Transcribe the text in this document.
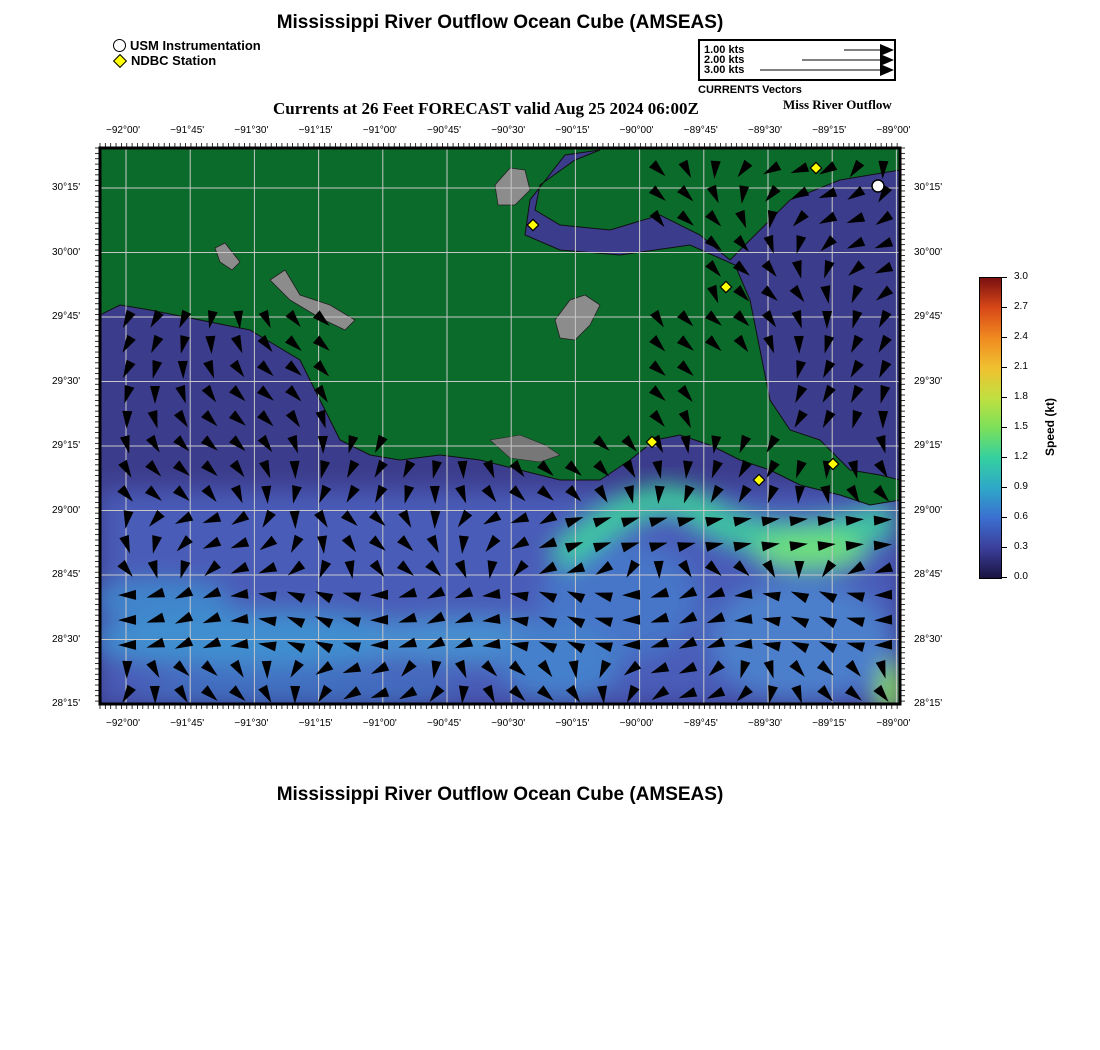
Mississippi River Outflow Ocean Cube (AMSEAS)
USM Instrumentation
NDBC Station
1.00 kts
2.00 kts
3.00 kts
CURRENTS Vectors
Currents at 26 Feet FORECAST valid Aug 25 2024 06:00Z	Miss River Outflow
−92°00'	−91°45'	−91°30'	−91°15'	−91°00'	−90°45'	−90°30'	−90°15'	−90°00'	−89°45'	−89°30'	−89°15'	−89°00'
−92°00'	−91°45'	−91°30'	−91°15'	−91°00'	−90°45'	−90°30'	−90°15'	−90°00'	−89°45'	−89°30'	−89°15'	−89°00'
30°15'
30°00'
29°45'
29°30'
29°15'
29°00'
28°45'
28°30'
28°15'
30°15'
30°00'
29°45'
29°30'
29°15'
29°00'
28°45'
28°30'
28°15'
3.0
2.7
2.4
2.1
1.8
1.5
1.2
0.9
0.6
0.3
0.0
Speed (kt)
Mississippi River Outflow Ocean Cube (AMSEAS)
